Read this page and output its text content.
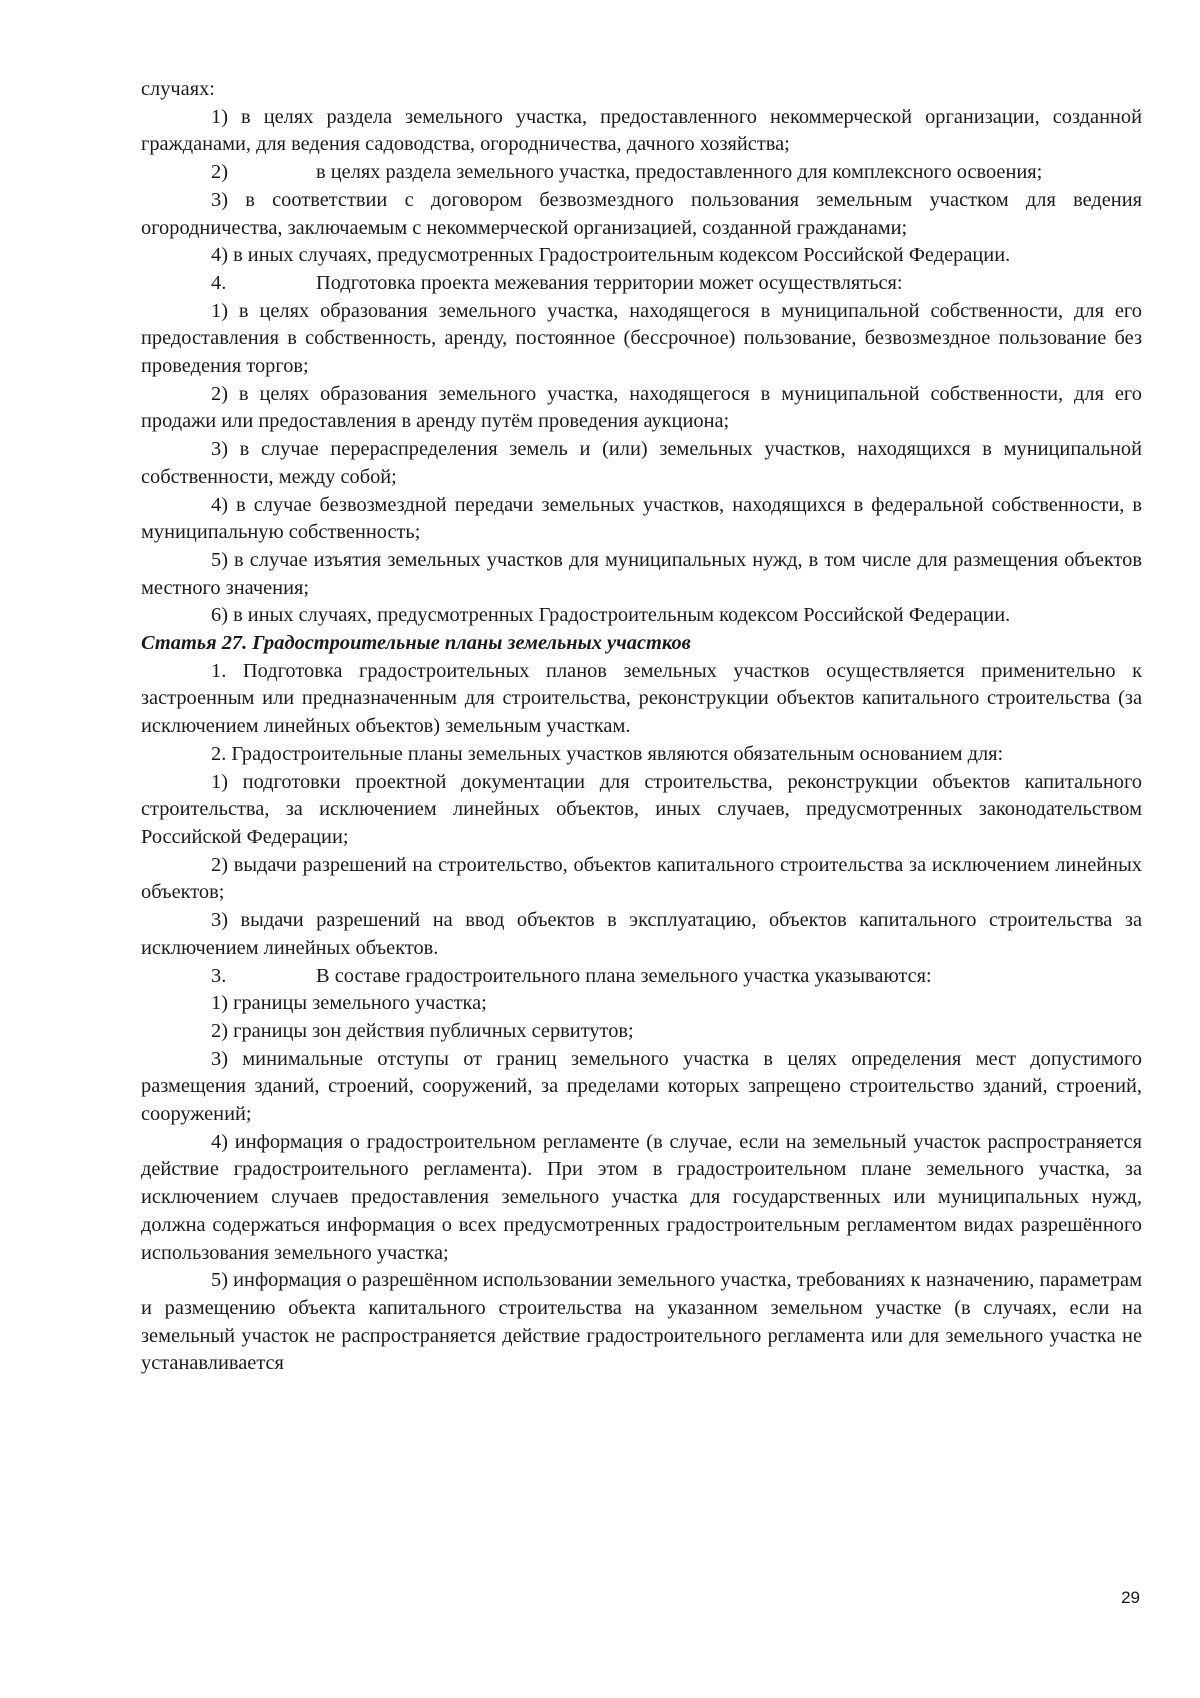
случаях:

1) в целях раздела земельного участка, предоставленного некоммерческой организации, созданной гражданами, для ведения садоводства, огородничества, дачного хозяйства;

2)	в целях раздела земельного участка, предоставленного для комплексного освоения;

3) в соответствии с договором безвозмездного пользования земельным участком для ведения огородничества, заключаемым с некоммерческой организацией, созданной гражданами;

4) в иных случаях, предусмотренных Градостроительным кодексом Российской Федерации.

4.	Подготовка проекта межевания территории может осуществляться:

1) в целях образования земельного участка, находящегося в муниципальной собственности, для его предоставления в собственность, аренду, постоянное (бессрочное) пользование, безвозмездное пользование без проведения торгов;

2) в целях образования земельного участка, находящегося в муниципальной собственности, для его продажи или предоставления в аренду путём проведения аукциона;

3) в случае перераспределения земель и (или) земельных участков, находящихся в муниципальной собственности, между собой;

4) в случае безвозмездной передачи земельных участков, находящихся в федеральной собственности, в муниципальную собственность;

5) в случае изъятия земельных участков для муниципальных нужд, в том числе для размещения объектов местного значения;

6) в иных случаях, предусмотренных Градостроительным кодексом Российской Федерации.

Статья 27. Градостроительные планы земельных участков

1. Подготовка градостроительных планов земельных участков осуществляется применительно к застроенным или предназначенным для строительства, реконструкции объектов капитального строительства (за исключением линейных объектов) земельным участкам.

2. Градостроительные планы земельных участков являются обязательным основанием для:

1) подготовки проектной документации для строительства, реконструкции объектов капитального строительства, за исключением линейных объектов, иных случаев, предусмотренных законодательством Российской Федерации;

2) выдачи разрешений на строительство, объектов капитального строительства за исключением линейных объектов;

3) выдачи разрешений на ввод объектов в эксплуатацию, объектов капитального строительства за исключением линейных объектов.

3.	В составе градостроительного плана земельного участка указываются:

1) границы земельного участка;

2) границы зон действия публичных сервитутов;

3) минимальные отступы от границ земельного участка в целях определения мест допустимого размещения зданий, строений, сооружений, за пределами которых запрещено строительство зданий, строений, сооружений;

4) информация о градостроительном регламенте (в случае, если на земельный участок распространяется действие градостроительного регламента). При этом в градостроительном плане земельного участка, за исключением случаев предоставления земельного участка для государственных или муниципальных нужд, должна содержаться информация о всех предусмотренных градостроительным регламентом видах разрешённого использования земельного участка;

5) информация о разрешённом использовании земельного участка, требованиях к назначению, параметрам и размещению объекта капитального строительства на указанном земельном участке (в случаях, если на земельный участок не распространяется действие градостроительного регламента или для земельного участка не устанавливается

29
